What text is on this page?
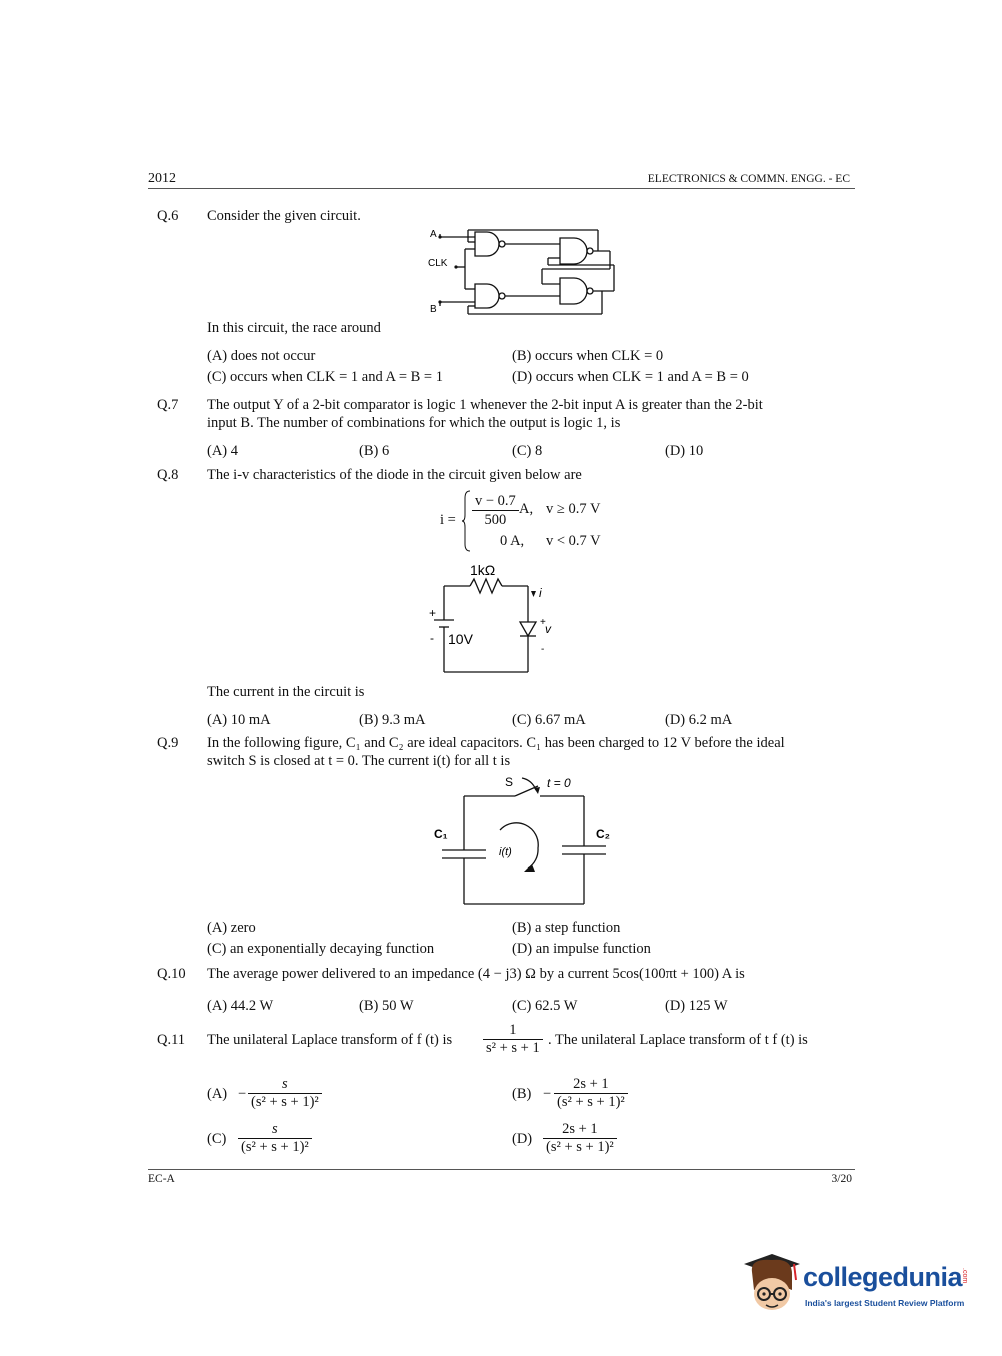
2012	ELECTRONICS & COMMN. ENGG. - EC
Q.6 Consider the given circuit.
A
CLK
B
In this circuit, the race around
(A) does not occur	(B) occurs when CLK = 0
(C) occurs when CLK = 1 and A = B = 1	(D) occurs when CLK = 1 and A = B = 0
Q.7 The output Y of a 2-bit comparator is logic 1 whenever the 2-bit input A is greater than the 2-bit
input B. The number of combinations for which the output is logic 1, is
(A) 4	(B) 6	(C) 8	(D) 10
Q.8 The i-v characteristics of the diode in the circuit given below are
$i = \frac{v - 0.7}{500} A$, v ≥ 0.7 V
0 A, v < 0.7 V
1kΩ
10V
+
-
i
+ v
-
The current in the circuit is
(A) 10 mA	(B) 9.3 mA	(C) 6.67 mA	(D) 6.2 mA
Q.9 In the following figure, C₁ and C₂ are ideal capacitors. C₁ has been charged to 12 V before the ideal
switch S is closed at t = 0. The current i(t) for all t is
S	t = 0
C₁	C₂
i(t)
(A) zero	(B) a step function
(C) an exponentially decaying function	(D) an impulse function
Q.10 The average power delivered to an impedance (4 − j3) Ω by a current 5cos(100πt + 100) A is
(A) 44.2 W	(B) 50 W	(C) 62.5 W	(D) 125 W
Q.11 The unilateral Laplace transform of f (t) is $\frac{1}{\text{s² + s + 1}}$ . The unilateral Laplace transform of t f (t) is
$(A) - \frac{s}{\text{(s² + s + 1)²}}$	$(B) - \frac{2s + 1}{\text{(s² + s + 1)²}}$
$(C) \frac{s}{\text{(s² + s + 1)²}}$	$(D) \frac{2s + 1}{\text{(s² + s + 1)²}}$
EC-A	3/20
collegedunia
.com
India's largest Student Review Platform
